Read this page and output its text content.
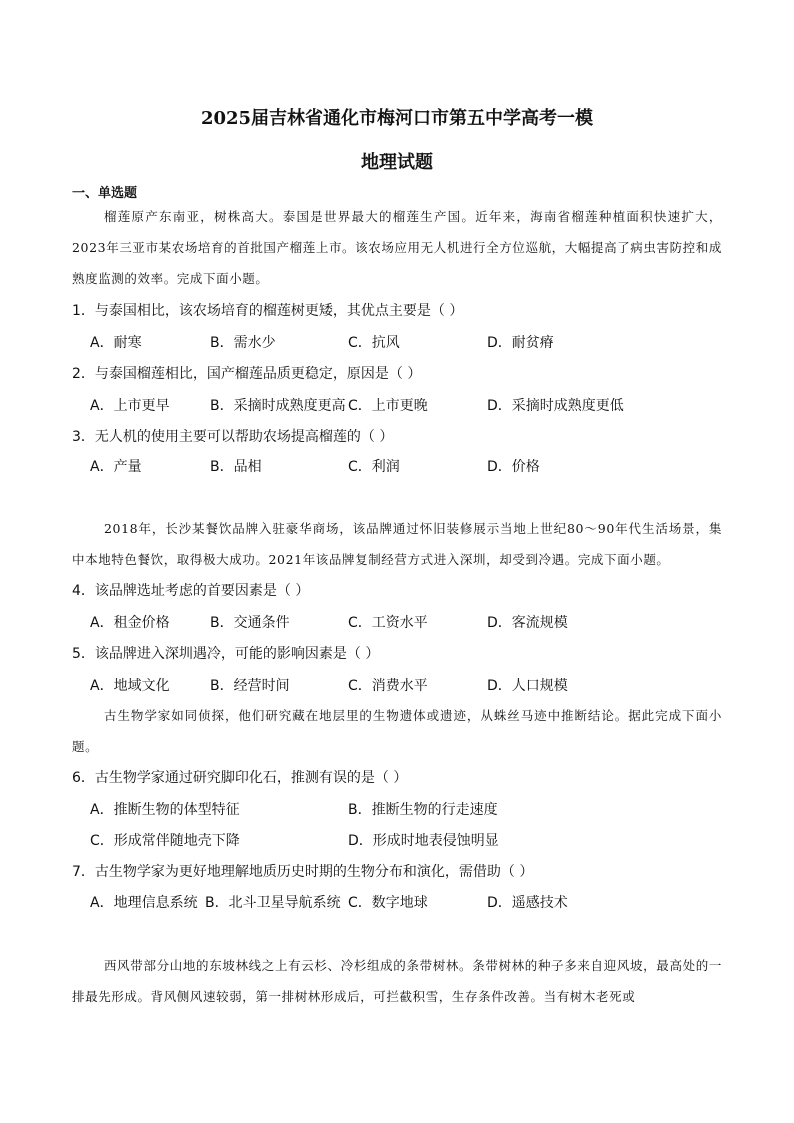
2025届吉林省通化市梅河口市第五中学高考一模
地理试题
一、单选题
榴莲原产东南亚，树株高大。泰国是世界最大的榴莲生产国。近年来，海南省榴莲种植面积快速扩大，2023年三亚市某农场培育的首批国产榴莲上市。该农场应用无人机进行全方位巡航，大幅提高了病虫害防控和成熟度监测的效率。完成下面小题。
1．与泰国相比，该农场培育的榴莲树更矮，其优点主要是（ ）
A．耐寒	B．需水少	C．抗风	D．耐贫瘠
2．与泰国榴莲相比，国产榴莲品质更稳定，原因是（ ）
A．上市更早	B．采摘时成熟度更高 C．上市更晚	D．采摘时成熟度更低
3．无人机的使用主要可以帮助农场提高榴莲的（ ）
A．产量	B．品相	C．利润	D．价格
2018年，长沙某餐饮品牌入驻豪华商场，该品牌通过怀旧装修展示当地上世纪80～90年代生活场景，集中本地特色餐饮，取得极大成功。2021年该品牌复制经营方式进入深圳，却受到冷遇。完成下面小题。
4．该品牌选址考虑的首要因素是（ ）
A．租金价格	B．交通条件	C．工资水平	D．客流规模
5．该品牌进入深圳遇冷，可能的影响因素是（ ）
A．地域文化	B．经营时间	C．消费水平	D．人口规模
古生物学家如同侦探，他们研究藏在地层里的生物遗体或遗迹，从蛛丝马迹中推断结论。据此完成下面小题。
6．古生物学家通过研究脚印化石，推测有误的是（ ）
A．推断生物的体型特征	B．推断生物的行走速度
C．形成常伴随地壳下降	D．形成时地表侵蚀明显
7．古生物学家为更好地理解地质历史时期的生物分布和演化，需借助（ ）
A．地理信息系统 B．北斗卫星导航系统 C．数字地球	D．遥感技术
西风带部分山地的东坡林线之上有云杉、冷杉组成的条带树林。条带树林的种子多来自迎风坡，最高处的一排最先形成。背风侧风速较弱，第一排树林形成后，可拦截积雪，生存条件改善。当有树木老死或
